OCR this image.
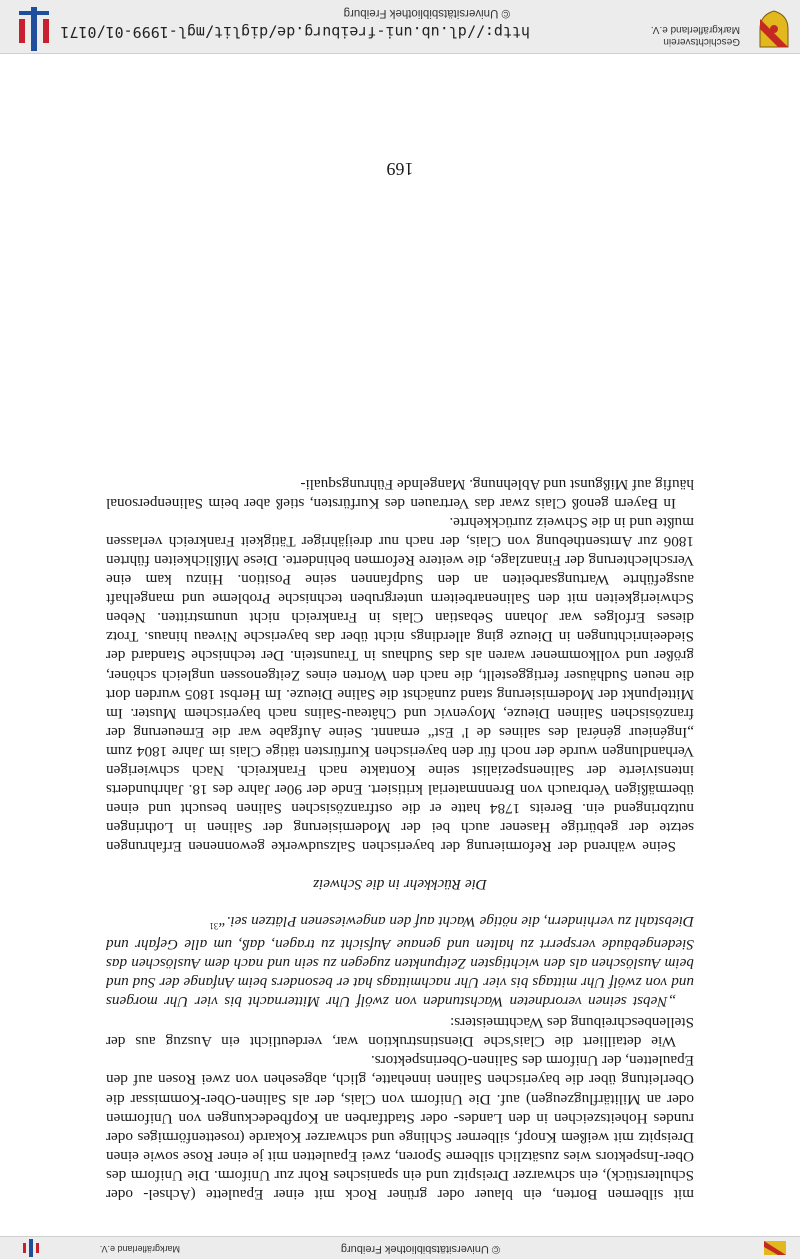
mit silbernen Borten, ein blauer oder grüner Rock mit einer Epaulette (Achsel- oder Schulterstück), ein schwarzer Dreispitz und ein spanisches Rohr zur Uniform. Die Uniform des Ober-Inspektors wies zusätzlich silberne Sporen, zwei Epauletten mit je einer Rose sowie einen Dreispitz mit weißem Knopf, silberner Schlinge und schwarzer Kokarde (rosettenförmiges oder rundes Hoheitszeichen in den Landes- oder Stadtfarben an Kopfbedeckungen von Uniformen oder an Militärflugzeugen) auf. Die Uniform von Clais, der als Salinen-Ober-Kommissar die Oberleitung über die bayerischen Salinen innehatte, glich, abgesehen von zwei Rosen auf den Epauletten, der Uniform des Salinen-Oberinspektors.

Wie detailliert die Clais'sche Dienstinstruktion war, verdeutlicht ein Auszug aus der Stellenbeschreibung des Wachtmeisters:

„Nebst seinen verordneten Wachstunden von zwölf Uhr Mitternacht bis vier Uhr morgens und von zwölf Uhr mittags bis vier Uhr nachmittags hat er besonders beim Anfange der Sud und beim Auslöschen als den wichtigsten Zeitpunkten zugegen zu sein und nach dem Auslöschen das Siedengebäude versperrt zu halten und genaue Aufsicht zu tragen, daß, um alle Gefahr und Diebstahl zu verhindern, die nötige Wacht auf den angewiesenen Plätzen sei.“$^{31}$

Die Rückkehr in die Schweiz

Seine während der Reformierung der bayerischen Salzsudwerke gewonnenen Erfahrungen setzte der gebürtige Hasener auch bei der Modernisierung der Salinen in Lothringen nutzbringend ein. Bereits 1784 hatte er die ostfranzösischen Salinen besucht und einen übermäßigen Verbrauch von Brennmaterial kritisiert. Ende der 90er Jahre des 18. Jahrhunderts intensivierte der Salinenspezialist seine Kontakte nach Frankreich. Nach schwierigen Verhandlungen wurde der noch für den bayerischen Kurfürsten tätige Clais im Jahre 1804 zum „Ingénieur général des salines de l' Est“ ernannt. Seine Aufgabe war die Erneuerung der französischen Salinen Dieuze, Moyenvic und Château-Salins nach bayerischem Muster. Im Mittelpunkt der Modernisierung stand zunächst die Saline Dieuze. Im Herbst 1805 wurden dort die neuen Sudhäuser fertiggestellt, die nach den Worten eines Zeitgenossen ungleich schöner, größer und vollkommener waren als das Sudhaus in Traunstein. Der technische Standard der Siedeeinrichtungen in Dieuze ging allerdings nicht über das bayerische Niveau hinaus. Trotz dieses Erfolges war Johann Sebastian Clais in Frankreich nicht unumstritten. Neben Schwierigkeiten mit den Salinenarbeitern untergruben technische Probleme und mangelhaft ausgeführte Wartungsarbeiten an den Sudpfannen seine Position. Hinzu kam eine Verschlechterung der Finanzlage, die weitere Reformen behinderte. Diese Mißlichkeiten führten 1806 zur Amtsenthebung von Clais, der nach nur dreijähriger Tätigkeit Frankreich verlassen mußte und in die Schweiz zurückkehrte.

In Bayern genoß Clais zwar das Vertrauen des Kurfürsten, stieß aber beim Salinenpersonal häufig auf Mißgunst und Ablehnung. Mangelnde Führungsquali-

169
Geschichtsverein
Markgräflerland e.V.
http://dl.ub.uni-freiburg.de/diglit/mgl-1999-01/0171
© Universitätsbibliothek Freiburg
© Universitätsbibliothek Freiburg
Markgräflerland e.V.
